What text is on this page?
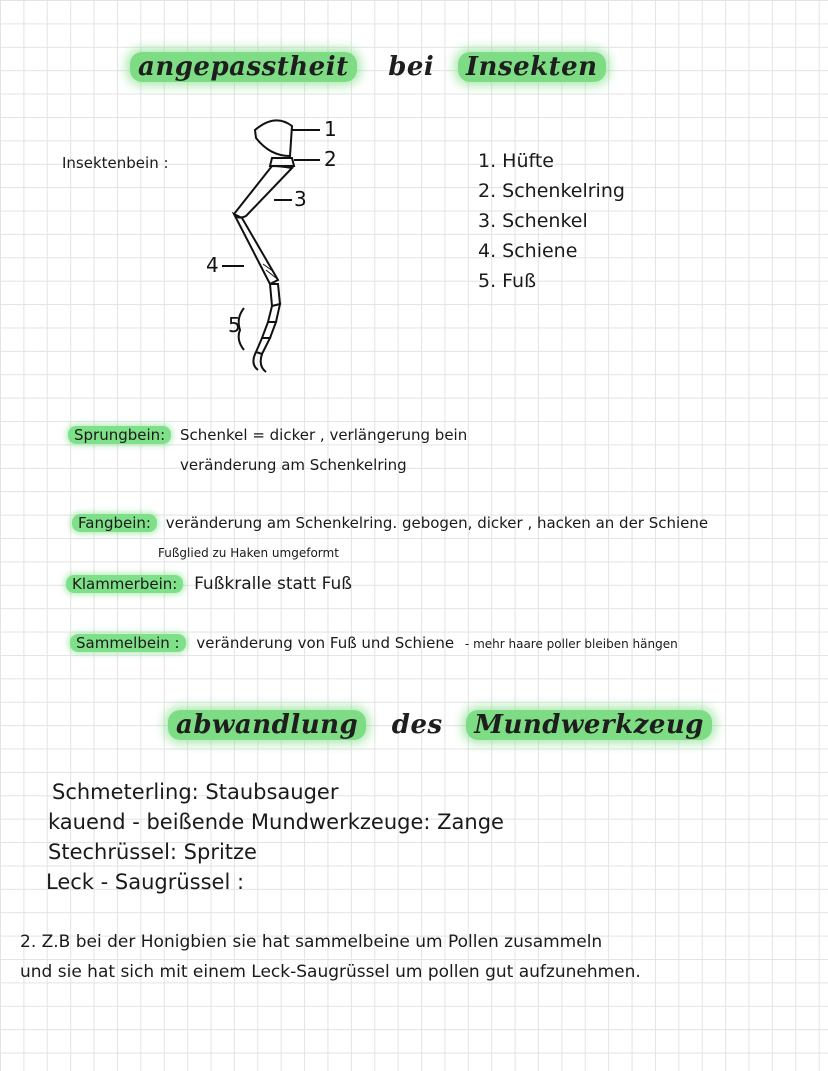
angepasstheit bei Insekten
Insektenbein :
1
2
3
4
5
1. Hüfte
2. Schenkelring
3. Schenkel
4. Schiene
5. Fuß
Sprungbein: Schenkel = dicker , verlängerung bein
veränderung am Schenkelring
Fangbein: veränderung am Schenkelring. gebogen, dicker , hacken an der Schiene
Fußglied zu Haken umgeformt
Klammerbein: Fußkralle statt Fuß
Sammelbein : veränderung von Fuß und Schiene - mehr haare poller bleiben hängen
abwandlung des Mundwerkzeug
Schmeterling: Staubsauger
kauend - beißende Mundwerkzeuge: Zange
Stechrüssel: Spritze
Leck - Saugrüssel :
2. Z.B bei der Honigbien sie hat sammelbeine um Pollen zusammeln
und sie hat sich mit einem Leck-Saugrüssel um pollen gut aufzunehmen.
